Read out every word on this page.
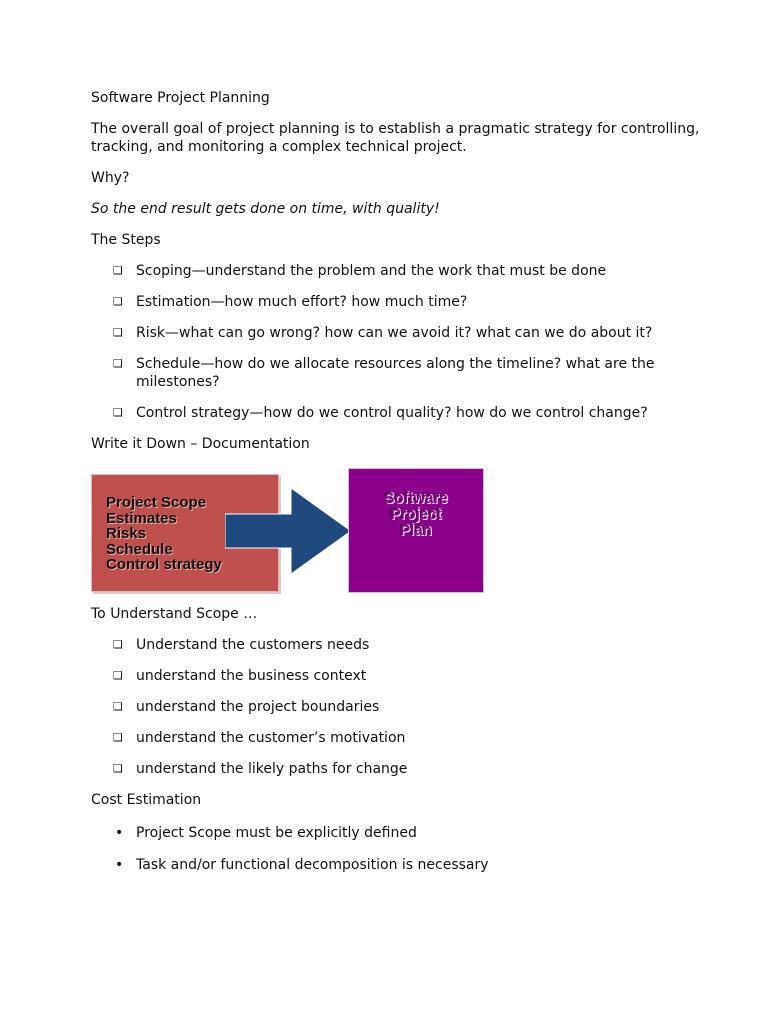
Software Project Planning

The overall goal of project planning is to establish a pragmatic strategy for controlling, tracking, and monitoring a complex technical project.

Why?

So the end result gets done on time, with quality!

The Steps

❏ Scoping—understand the problem and the work that must be done
❏ Estimation—how much effort? how much time?
❏ Risk—what can go wrong? how can we avoid it? what can we do about it?
❏ Schedule—how do we allocate resources along the timeline? what are the milestones?
❏ Control strategy—how do we control quality? how do we control change?

Write it Down – Documentation

To Understand Scope …

❏ Understand the customers needs
❏ understand the business context
❏ understand the project boundaries
❏ understand the customer’s motivation
❏ understand the likely paths for change

Cost Estimation

• Project Scope must be explicitly defined
• Task and/or functional decomposition is necessary
Project Scope
Estimates
Risks
Schedule
Control strategy
Software
Project
Plan
